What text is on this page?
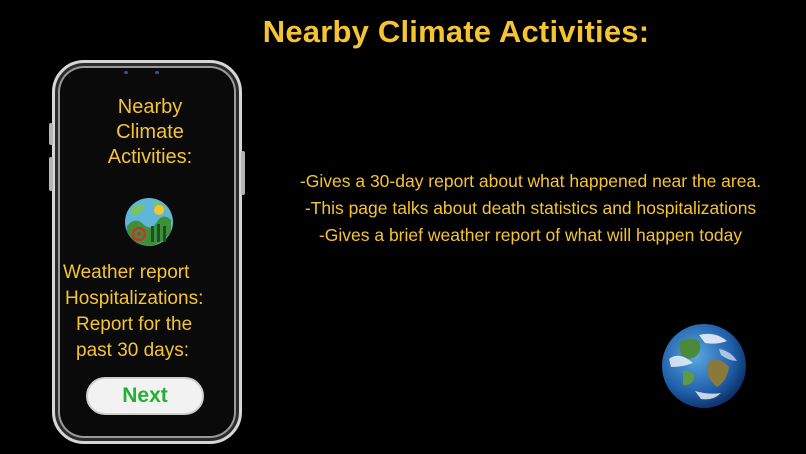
Nearby Climate Activities:
Nearby
Climate
Activities:
Weather report
Hospitalizations:
Report for the
past 30 days:
Next
-Gives a 30-day report about what happened near the area.
-This page talks about death statistics and hospitalizations
-Gives a brief weather report of what will happen today
